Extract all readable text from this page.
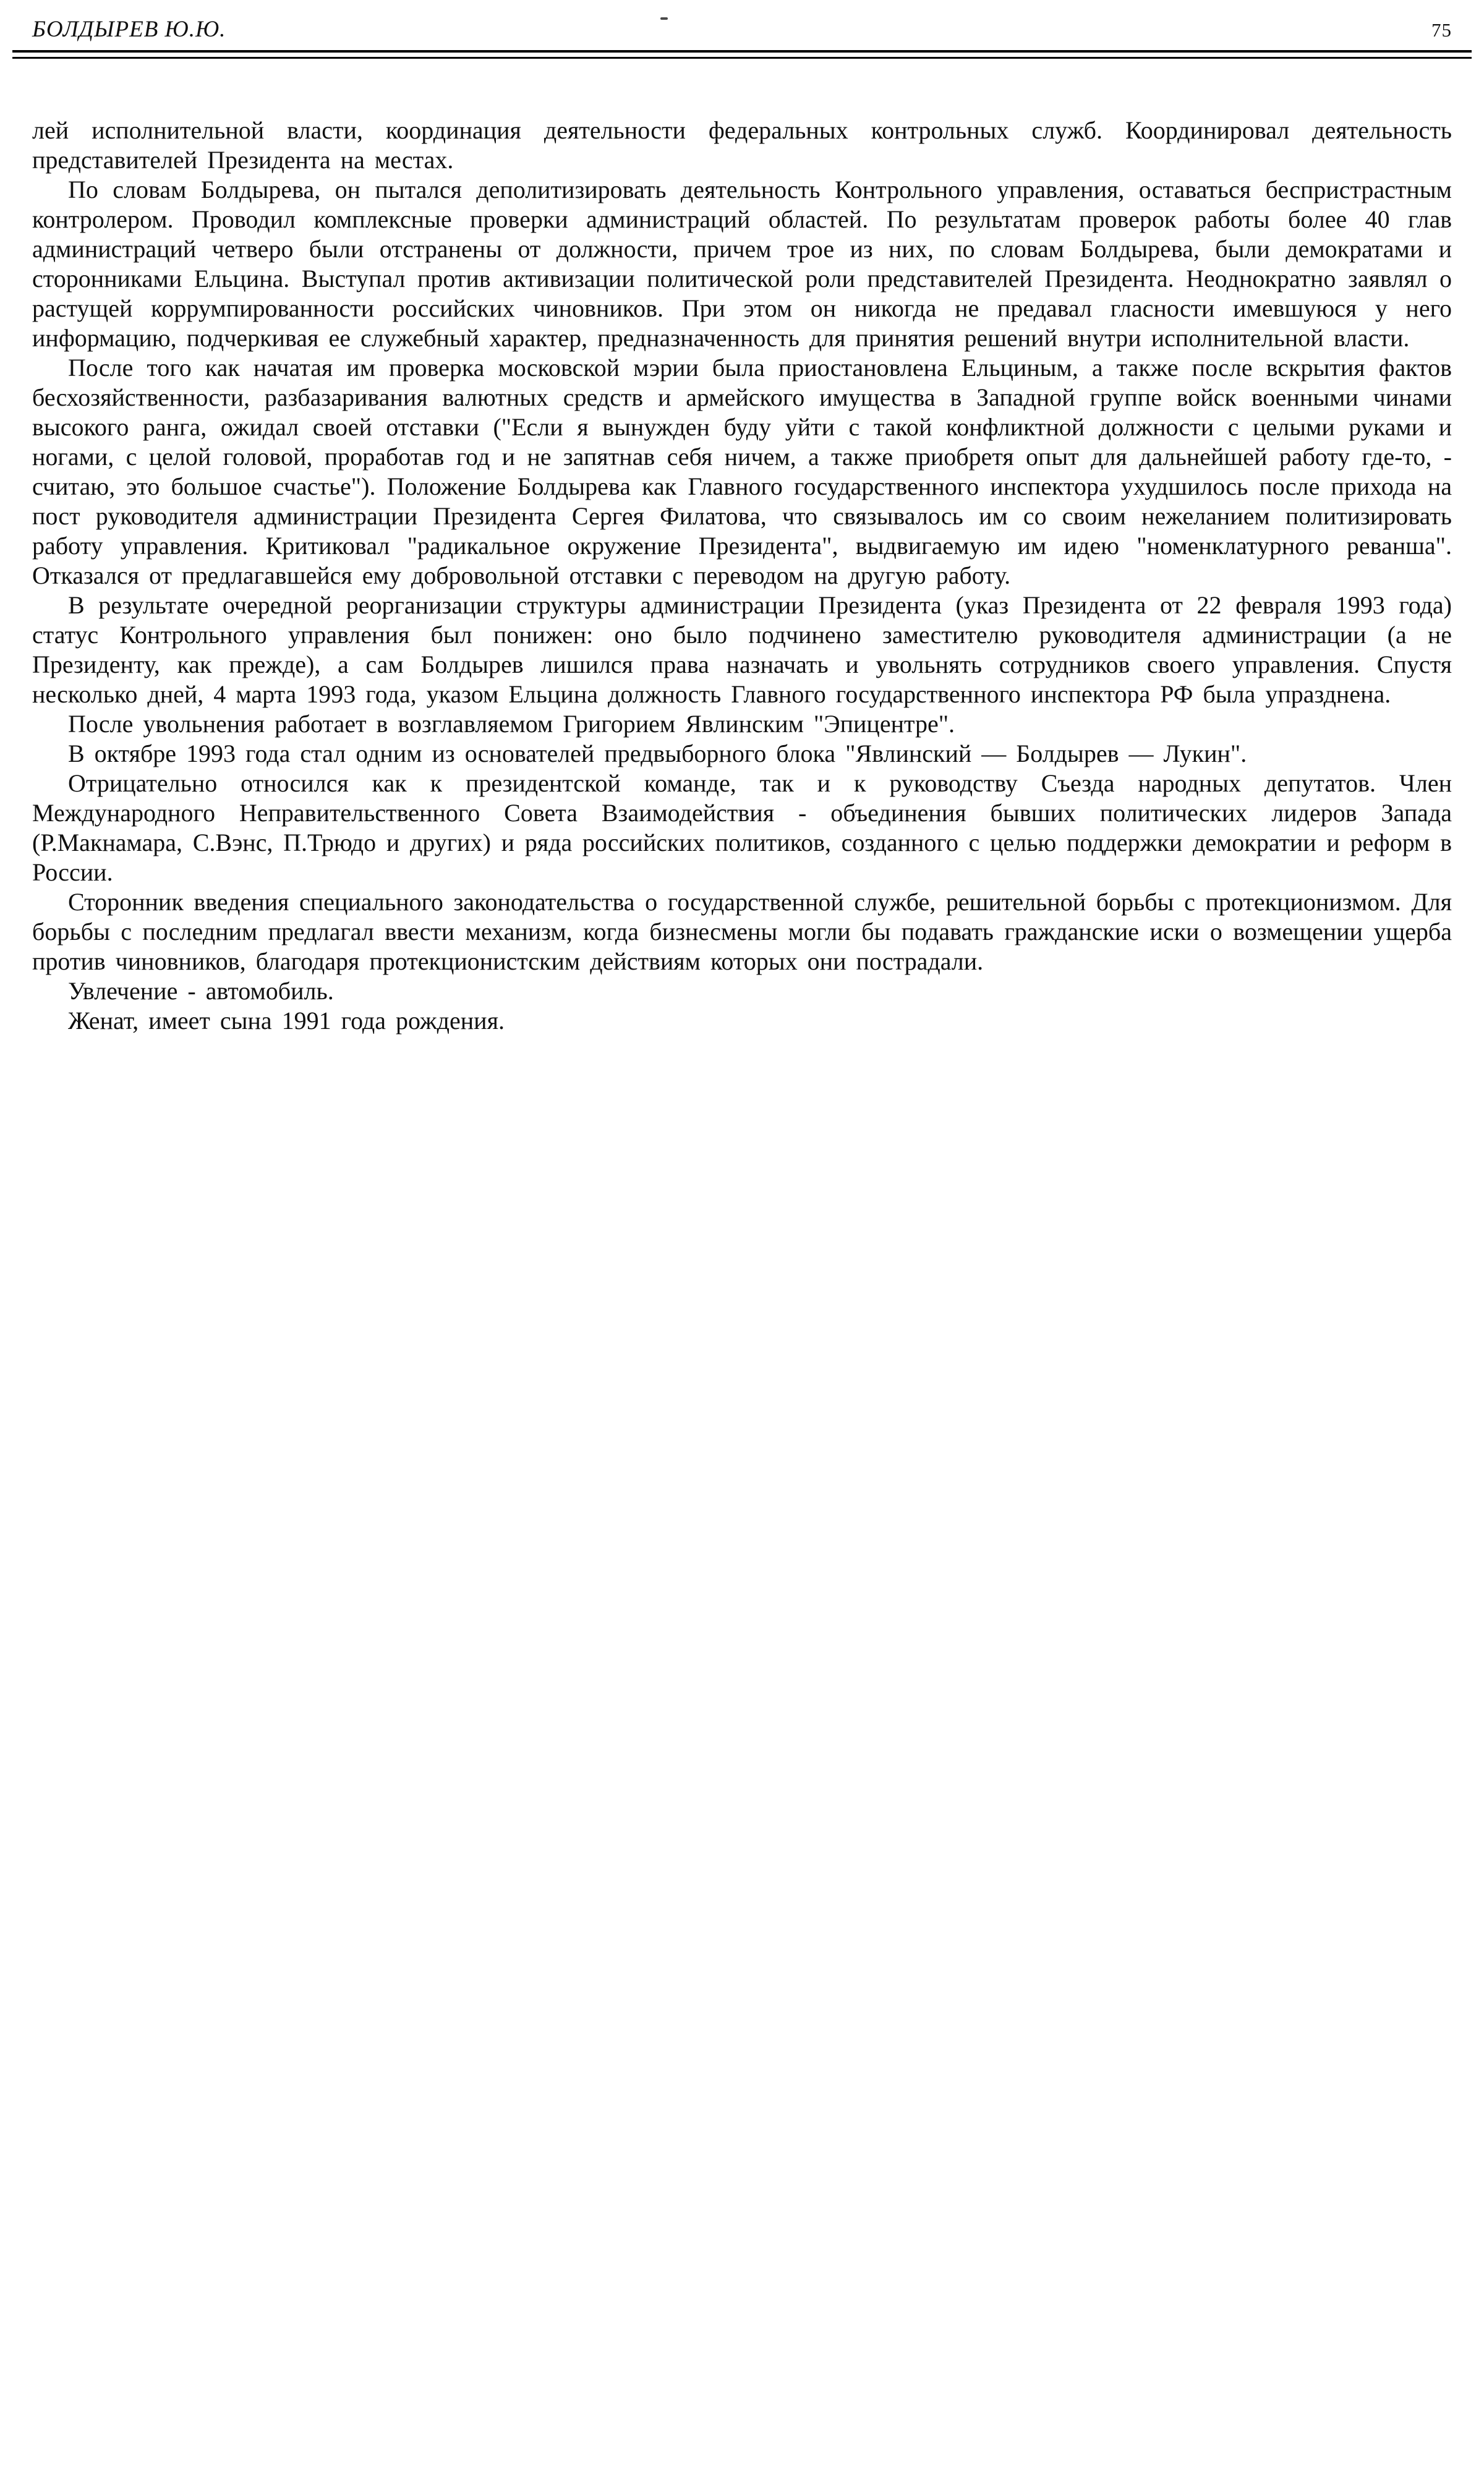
БОЛДЫРЕВ Ю.Ю.	75

лей исполнительной власти, координация деятельности федеральных контрольных служб. Координировал деятельность представителей Президента на местах.

По словам Болдырева, он пытался деполитизировать деятельность Контрольного управления, оставаться беспристрастным контролером. Проводил комплексные проверки администраций областей. По результатам проверок работы более 40 глав администраций четверо были отстранены от должности, причем трое из них, по словам Болдырева, были демократами и сторонниками Ельцина. Выступал против активизации политической роли представителей Президента. Неоднократно заявлял о растущей коррумпированности российских чиновников. При этом он никогда не предавал гласности имевшуюся у него информацию, подчеркивая ее служебный характер, предназначенность для принятия решений внутри исполнительной власти.

После того как начатая им проверка московской мэрии была приостановлена Ельциным, а также после вскрытия фактов бесхозяйственности, разбазаривания валютных средств и армейского имущества в Западной группе войск военными чинами высокого ранга, ожидал своей отставки ("Если я вынужден буду уйти с такой конфликтной должности с целыми руками и ногами, с целой головой, проработав год и не запятнав себя ничем, а также приобретя опыт для дальнейшей работу где-то, - считаю, это большое счастье"). Положение Болдырева как Главного государственного инспектора ухудшилось после прихода на пост руководителя администрации Президента Сергея Филатова, что связывалось им со своим нежеланием политизировать работу управления. Критиковал "радикальное окружение Президента", выдвигаемую им идею "номенклатурного реванша". Отказался от предлагавшейся ему добровольной отставки с переводом на другую работу.

В результате очередной реорганизации структуры администрации Президента (указ Президента от 22 февраля 1993 года) статус Контрольного управления был понижен: оно было подчинено заместителю руководителя администрации (а не Президенту, как прежде), а сам Болдырев лишился права назначать и увольнять сотрудников своего управления. Спустя несколько дней, 4 марта 1993 года, указом Ельцина должность Главного государственного инспектора РФ была упразднена.

После увольнения работает в возглавляемом Григорием Явлинским "Эпицентре".

В октябре 1993 года стал одним из основателей предвыборного блока "Явлинский — Болдырев — Лукин".

Отрицательно относился как к президентской команде, так и к руководству Съезда народных депутатов. Член Международного Неправительственного Совета Взаимодействия - объединения бывших политических лидеров Запада (Р.Макнамара, С.Вэнс, П.Трюдо и других) и ряда российских политиков, созданного с целью поддержки демократии и реформ в России.

Сторонник введения специального законодательства о государственной службе, решительной борьбы с протекционизмом. Для борьбы с последним предлагал ввести механизм, когда бизнесмены могли бы подавать гражданские иски о возмещении ущерба против чиновников, благодаря протекционистским действиям которых они пострадали.

Увлечение - автомобиль.

Женат, имеет сына 1991 года рождения.
